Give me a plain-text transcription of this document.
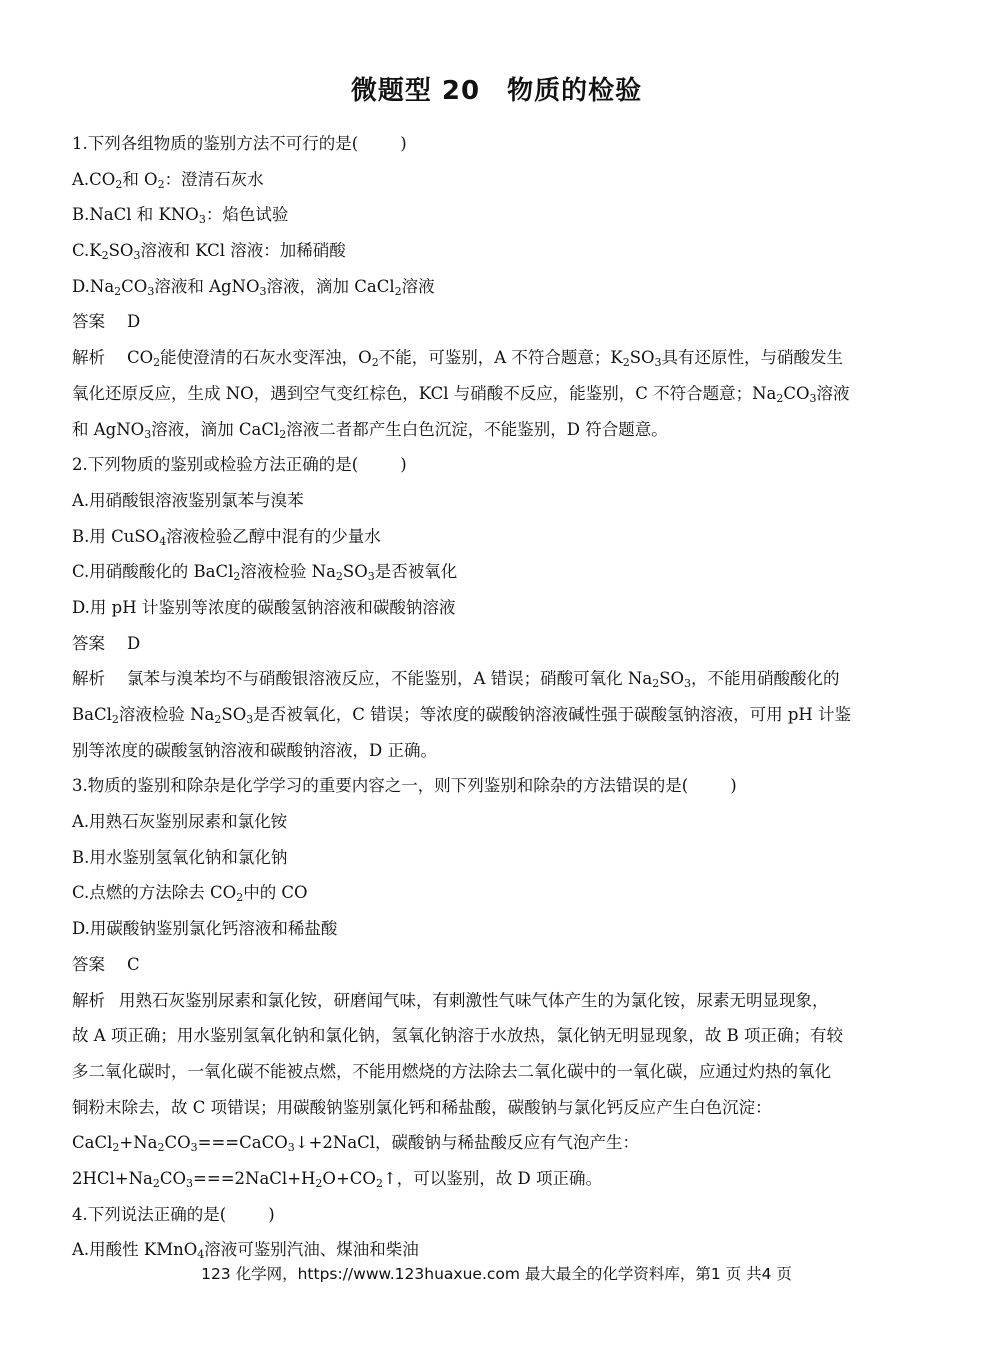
微题型 20　物质的检验
1.下列各组物质的鉴别方法不可行的是(	)
$A.CO_2$和 $O_2$：澄清石灰水
B.NaCl 和 $KNO_3$：焰色试验
$C.K_2SO_3$溶液和 KCl 溶液：加稀硝酸
$D.Na_2CO_3$溶液和 AgNO$_3$溶液，滴加 CaCl$_2$溶液
答案 D
解析 $CO_2$能使澄清的石灰水变浑浊，$O_2$不能，可鉴别，A 不符合题意；$K_2SO_3$具有还原性，与硝酸发生
氧化还原反应，生成 NO，遇到空气变红棕色，KCl 与硝酸不反应，能鉴别，C 不符合题意；$Na_2CO_3$溶液
和 AgNO$_3$溶液，滴加 CaCl$_2$溶液二者都产生白色沉淀，不能鉴别，D 符合题意。
2.下列物质的鉴别或检验方法正确的是(	)
A.用硝酸银溶液鉴别氯苯与溴苯
B.用 CuSO$_4$溶液检验乙醇中混有的少量水
C.用硝酸酸化的 BaCl$_2$溶液检验 $Na_2SO_3$是否被氧化
D.用 pH 计鉴别等浓度的碳酸氢钠溶液和碳酸钠溶液
答案 D
解析 氯苯与溴苯均不与硝酸银溶液反应，不能鉴别，A 错误；硝酸可氧化 $Na_2SO_3$，不能用硝酸酸化的
BaCl$_2$溶液检验 $Na_2SO_3$是否被氧化，C 错误；等浓度的碳酸钠溶液碱性强于碳酸氢钠溶液，可用 pH 计鉴
别等浓度的碳酸氢钠溶液和碳酸钠溶液，D 正确。
3.物质的鉴别和除杂是化学学习的重要内容之一，则下列鉴别和除杂的方法错误的是(	)
A.用熟石灰鉴别尿素和氯化铵
B.用水鉴别氢氧化钠和氯化钠
C.点燃的方法除去 $CO_2$中的 CO
D.用碳酸钠鉴别氯化钙溶液和稀盐酸
答案 C
解析 用熟石灰鉴别尿素和氯化铵，研磨闻气味，有刺激性气味气体产生的为氯化铵，尿素无明显现象，
故 A 项正确；用水鉴别氢氧化钠和氯化钠，氢氧化钠溶于水放热，氯化钠无明显现象，故 B 项正确；有较
多二氧化碳时，一氧化碳不能被点燃，不能用燃烧的方法除去二氧化碳中的一氧化碳，应通过灼热的氧化
铜粉末除去，故 C 项错误；用碳酸钠鉴别氯化钙和稀盐酸，碳酸钠与氯化钙反应产生白色沉淀：
$CaCl_2+Na_2CO_3===CaCO_3↓+2NaCl$，碳酸钠与稀盐酸反应有气泡产生：
$2HCl+Na_2CO_3===2NaCl+H_2O+CO_2↑$，可以鉴别，故 D 项正确。
4.下列说法正确的是(	)
A.用酸性 KMnO$_4$溶液可鉴别汽油、煤油和柴油
123 化学网，https://www.123huaxue.com 最大最全的化学资料库，第1 页 共4 页
